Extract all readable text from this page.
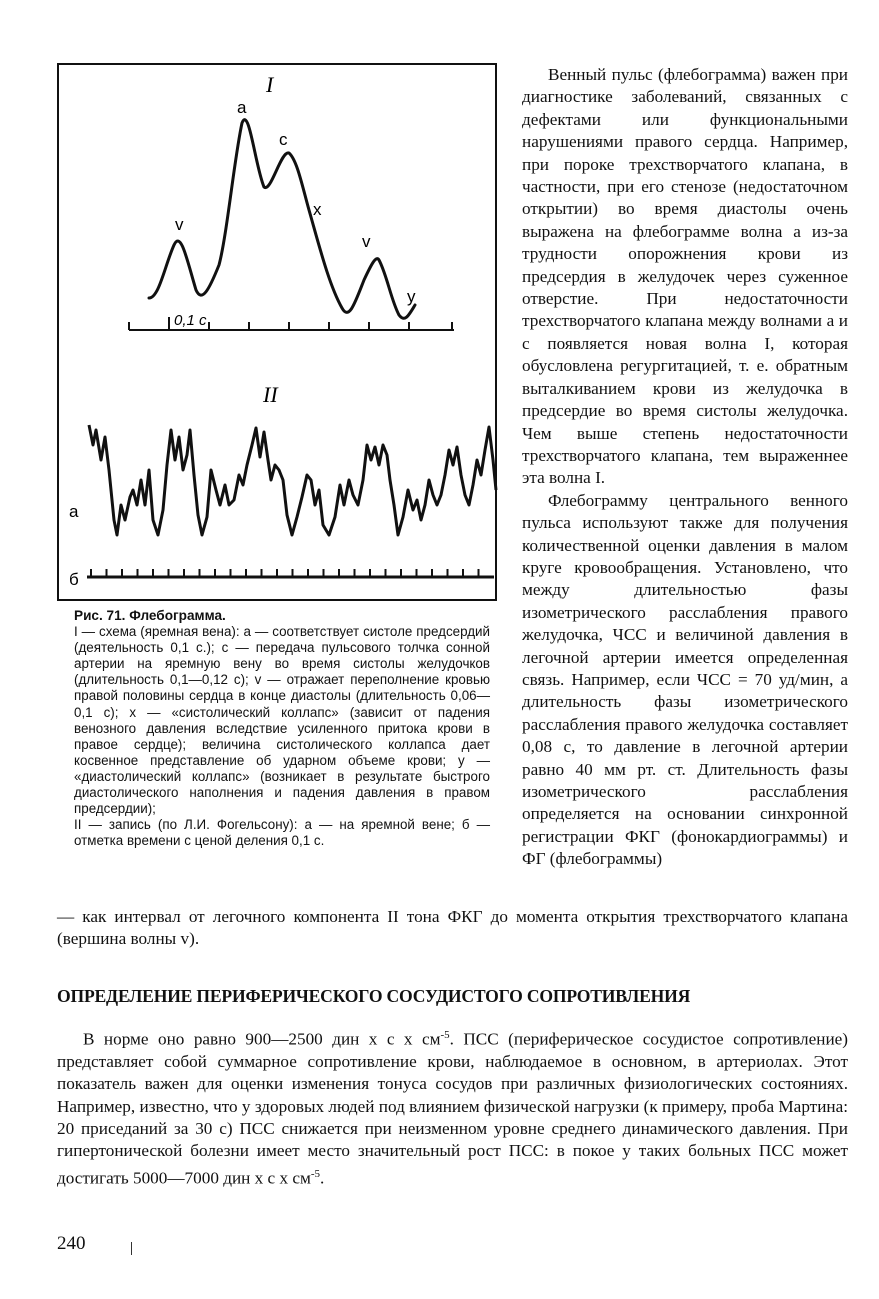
I
a
c
v
x
v
y
0,1 с
II
а
б

Рис. 71. Флебограмма.

I — схема (яремная вена): а — соответствует систоле предсердий (деятельность 0,1 с.); с — передача пульсового толчка сонной артерии на яремную вену во время систолы желудочков (длительность 0,1—0,12 с); v — отражает переполнение кровью правой половины сердца в конце диастолы (длительность 0,06—0,1 с); х — «систолический коллапс» (зависит от падения венозного давления вследствие усиленного притока крови в правое сердце); величина систолического коллапса дает косвенное представление об ударном объеме крови; у — «диастолический коллапс» (возникает в результате быстрого диастолического наполнения и падения давления в правом предсердии);

II — запись (по Л.И. Фогельсону): а — на яремной вене; б — отметка времени с ценой деления 0,1 с.

Венный пульс (флебограмма) важен при диагностике заболеваний, связанных с дефектами или функциональными нарушениями правого сердца. Например, при пороке трехстворчатого клапана, в частности, при его стенозе (недостаточном открытии) во время диастолы очень выражена на флебограмме волна a из-за трудности опорожнения крови из предсердия в желудочек через суженное отверстие. При недостаточности трехстворчатого клапана между волнами a и c появляется новая волна I, которая обусловлена регургитацией, т. е. обратным выталкиванием крови из желудочка в предсердие во время систолы желудочка. Чем выше степень недостаточности трехстворчатого клапана, тем выраженнее эта волна I.

Флебограмму центрального венного пульса используют также для получения количественной оценки давления в малом круге кровообращения. Установлено, что между длительностью фазы изометрического расслабления правого желудочка, ЧСС и величиной давления в легочной артерии имеется определенная связь. Например, если ЧСС = 70 уд/мин, а длительность фазы изометрического расслабления правого желудочка составляет 0,08 с, то давление в легочной артерии равно 40 мм рт. ст. Длительность фазы изометрического расслабления определяется на основании синхронной регистрации ФКГ (фонокардиограммы) и ФГ (флебограммы)

— как интервал от легочного компонента II тона ФКГ до момента открытия трехстворчатого клапана (вершина волны v).

ОПРЕДЕЛЕНИЕ ПЕРИФЕРИЧЕСКОГО СОСУДИСТОГО СОПРОТИВЛЕНИЯ

В норме оно равно 900—2500 дин х с х $см^{-5}$. ПСС (периферическое сосудистое сопротивление) представляет собой суммарное сопротивление крови, наблюдаемое в основном, в артериолах. Этот показатель важен для оценки изменения тонуса сосудов при различных физиологических состояниях. Например, известно, что у здоровых людей под влиянием физической нагрузки (к примеру, проба Мартина: 20 приседаний за 30 с) ПСС снижается при неизменном уровне среднего динамического давления. При гипертонической болезни имеет место значительный рост ПСС: в покое у таких больных ПСС может достигать 5000—7000 дин х с х $см^{-5}$.

240
